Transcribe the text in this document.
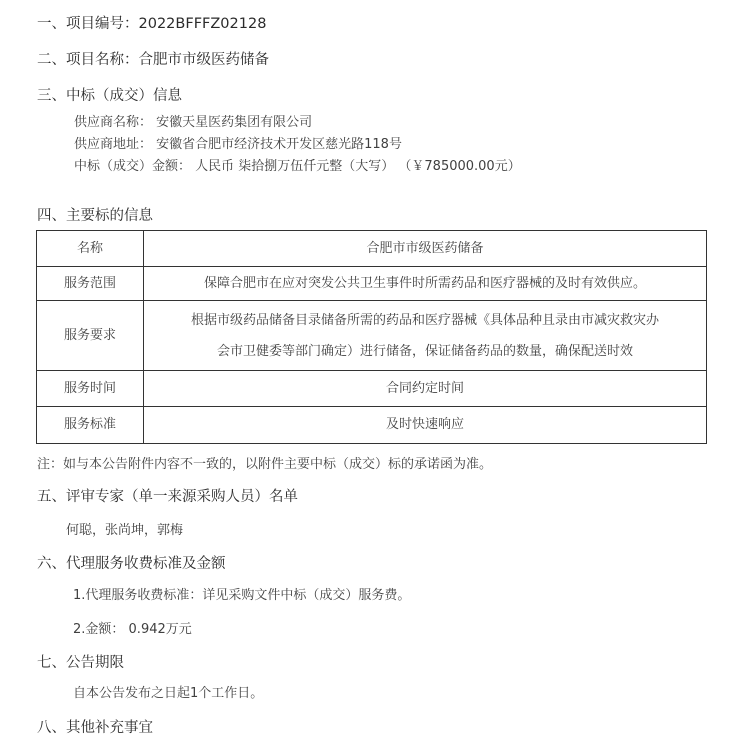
一、项目编号：2022BFFFZ02128
二、项目名称：合肥市市级医药储备
三、中标（成交）信息
供应商名称： 安徽天星医药集团有限公司
供应商地址： 安徽省合肥市经济技术开发区慈光路118号
中标（成交）金额： 人民币 柒拾捌万伍仟元整（大写） （￥785000.00元）
四、主要标的信息
名称	合肥市市级医药储备
服务范围	保障合肥市在应对突发公共卫生事件时所需药品和医疗器械的及时有效供应。
服务要求	根据市级药品储备目录储备所需的药品和医疗器械《具体品种且录由市减灾救灾办
会市卫健委等部门确定）进行储备，保证储备药品的数量，确保配送时效

服务时间	合同约定时间
服务标准	及时快速响应
注：如与本公告附件内容不一致的，以附件主要中标（成交）标的承诺函为准。
五、评审专家（单一来源采购人员）名单
何聪，张尚坤，郭梅
六、代理服务收费标准及金额
1.代理服务收费标准：详见采购文件中标（成交）服务费。
2.金额： 0.942万元
七、公告期限
自本公告发布之日起1个工作日。
八、其他补充事宜
